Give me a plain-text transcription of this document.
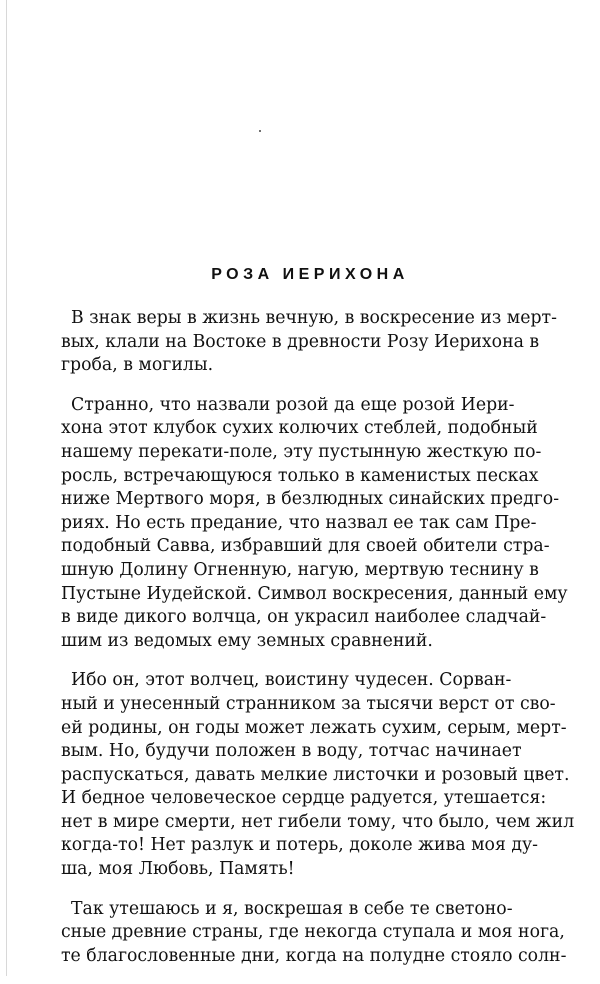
РОЗА ИЕРИХОНА

В знак веры в жизнь вечную, в воскресение из мерт-
вых, клали на Востоке в древности Розу Иерихона в
гроба, в могилы.

Странно, что назвали розой да еще розой Иери-
хона этот клубок сухих колючих стеблей, подобный
нашему перекати-поле, эту пустынную жесткую по-
росль, встречающуюся только в каменистых песках
ниже Мертвого моря, в безлюдных синайских предго-
риях. Но есть предание, что назвал ее так сам Пре-
подобный Савва, избравший для своей обители стра-
шную Долину Огненную, нагую, мертвую теснину в
Пустыне Иудейской. Символ воскресения, данный ему
в виде дикого волчца, он украсил наиболее сладчай-
шим из ведомых ему земных сравнений.

Ибо он, этот волчец, воистину чудесен. Сорван-
ный и унесенный странником за тысячи верст от сво-
ей родины, он годы может лежать сухим, серым, мерт-
вым. Но, будучи положен в воду, тотчас начинает
распускаться, давать мелкие листочки и розовый цвет.
И бедное человеческое сердце радуется, утешается:
нет в мире смерти, нет гибели тому, что было, чем жил
когда-то! Нет разлук и потерь, доколе жива моя ду-
ша, моя Любовь, Память!

Так утешаюсь и я, воскрешая в себе те светоно-
сные древние страны, где некогда ступала и моя нога,
те благословенные дни, когда на полудне стояло солн-
